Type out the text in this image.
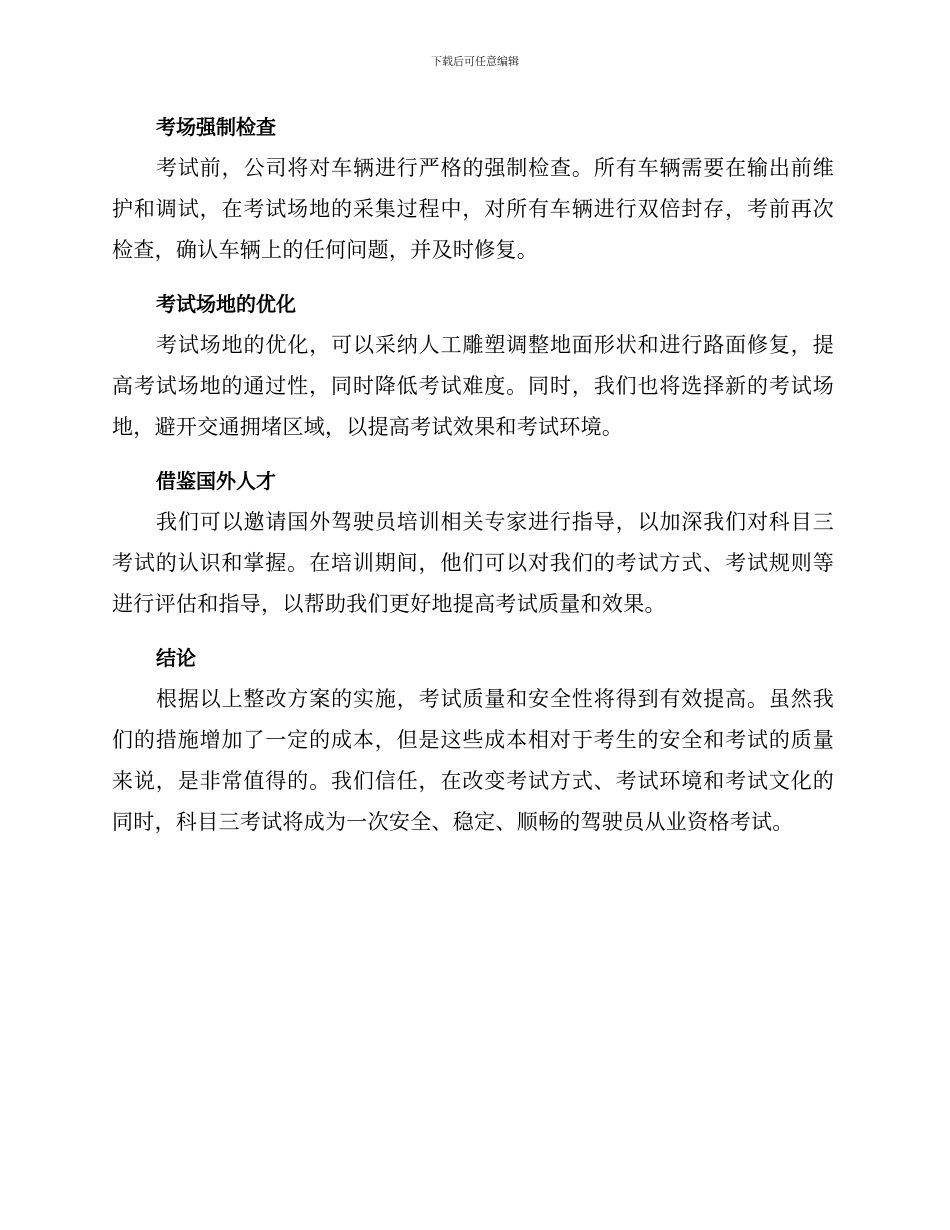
下载后可任意编辑
考场强制检查

考试前，公司将对车辆进行严格的强制检查。所有车辆需要在输出前维护和调试，在考试场地的采集过程中，对所有车辆进行双倍封存，考前再次检查，确认车辆上的任何问题，并及时修复。

考试场地的优化

考试场地的优化，可以采纳人工雕塑调整地面形状和进行路面修复，提高考试场地的通过性，同时降低考试难度。同时，我们也将选择新的考试场地，避开交通拥堵区域，以提高考试效果和考试环境。

借鉴国外人才

我们可以邀请国外驾驶员培训相关专家进行指导，以加深我们对科目三考试的认识和掌握。在培训期间，他们可以对我们的考试方式、考试规则等进行评估和指导，以帮助我们更好地提高考试质量和效果。

结论

根据以上整改方案的实施，考试质量和安全性将得到有效提高。虽然我们的措施增加了一定的成本，但是这些成本相对于考生的安全和考试的质量来说，是非常值得的。我们信任，在改变考试方式、考试环境和考试文化的同时，科目三考试将成为一次安全、稳定、顺畅的驾驶员从业资格考试。
